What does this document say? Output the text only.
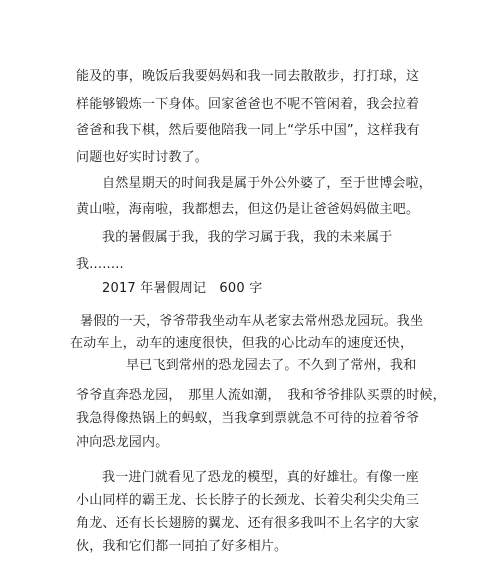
能及的事，晚饭后我要妈妈和我一同去散散步，打打球，这
样能够锻炼一下身体。回家爸爸也不呢不管闲着，我会拉着
爸爸和我下棋，然后要他陪我一同上“学乐中国”，这样我有
问题也好实时讨教了。
自然星期天的时间我是属于外公外婆了，至于世博会啦，
黄山啦，海南啦，我都想去，但这仍是让爸爸妈妈做主吧。
我的暑假属于我，我的学习属于我，我的未来属于
我........
2017 年暑假周记　600 字
暑假的一天，爷爷带我坐动车从老家去常州恐龙园玩。我坐
在动车上，动车的速度很快，但我的心比动车的速度还快，
早已飞到常州的恐龙园去了。不久到了常州，我和
爷爷直奔恐龙园，　那里人流如潮，　我和爷爷排队买票的时候，
我急得像热锅上的蚂蚁，当我拿到票就急不可待的拉着爷爷
冲向恐龙园内。
我一进门就看见了恐龙的模型，真的好雄壮。有像一座
小山同样的霸王龙、长长脖子的长颈龙、长着尖利尖尖角三
角龙、还有长长翅膀的翼龙、还有很多我叫不上名字的大家
伙，我和它们都一同拍了好多相片。
